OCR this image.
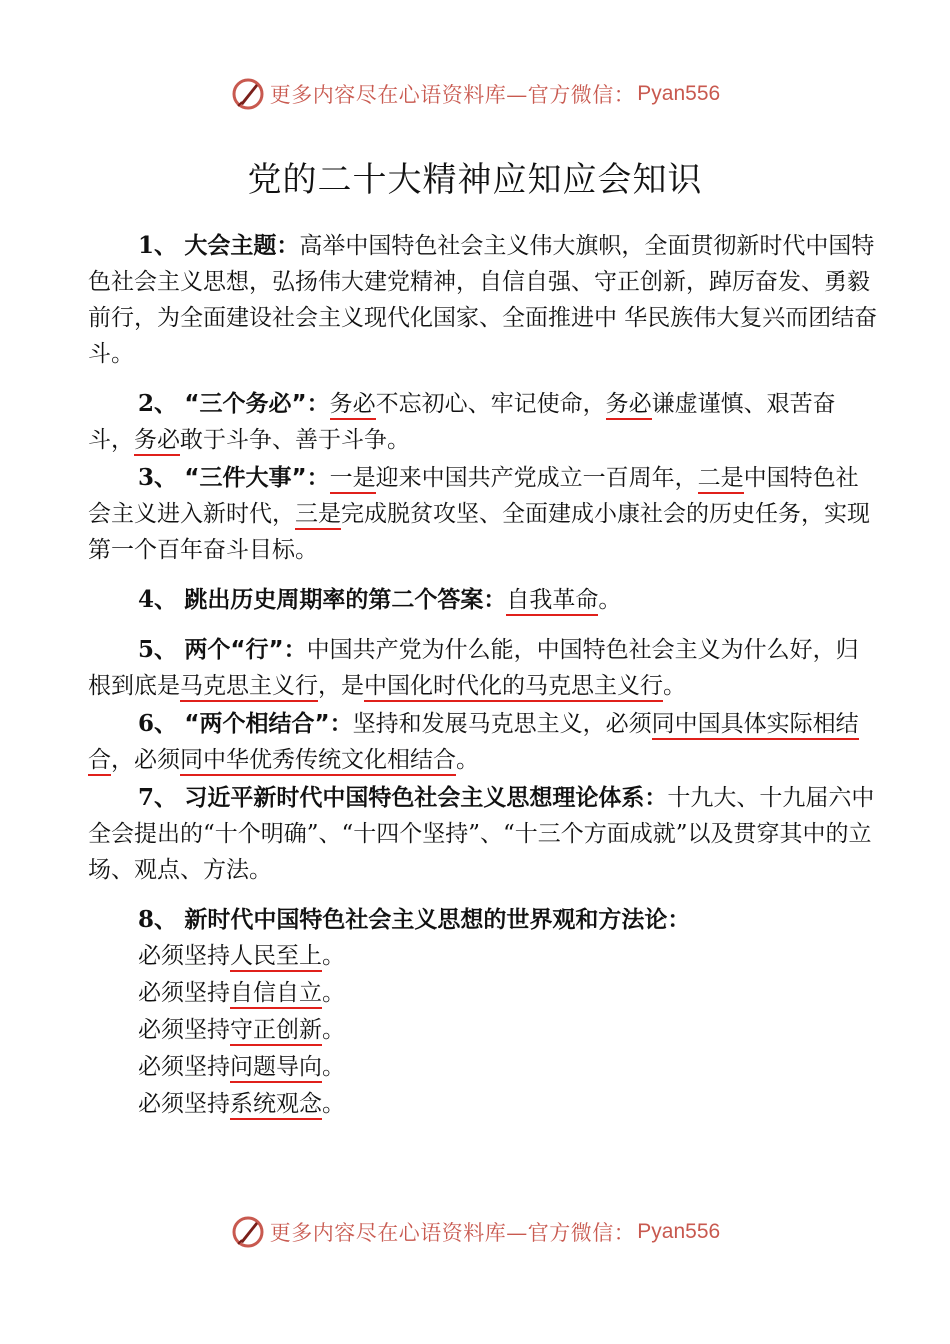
更多内容尽在心语资料库—官方微信： Pyan556
党的二十大精神应知应会知识

1、 大会主题：高举中国特色社会主义伟大旗帜，全面贯彻新时代中国特色社会主义思想，弘扬伟大建党精神，自信自强、守正创新，踔厉奋发、勇毅前行，为全面建设社会主义现代化国家、全面推进中 华民族伟大复兴而团结奋斗。

2、 “三个务必”：务必不忘初心、牢记使命，务必谦虚谨慎、艰苦奋斗，务必敢于斗争、善于斗争。

3、 “三件大事”：一是迎来中国共产党成立一百周年，二是中国特色社会主义进入新时代，三是完成脱贫攻坚、全面建成小康社会的历史任务，实现第一个百年奋斗目标。

4、 跳出历史周期率的第二个答案：自我革命。

5、 两个“行”：中国共产党为什么能，中国特色社会主义为什么好，归根到底是马克思主义行，是中国化时代化的马克思主义行。

6、 “两个相结合”：坚持和发展马克思主义，必须同中国具体实际相结合，必须同中华优秀传统文化相结合。

7、 习近平新时代中国特色社会主义思想理论体系：十九大、十九届六中全会提出的“十个明确”、“十四个坚持”、“十三个方面成就”以及贯穿其中的立场、观点、方法。

8、 新时代中国特色社会主义思想的世界观和方法论：

必须坚持人民至上。
必须坚持自信自立。
必须坚持守正创新。
必须坚持问题导向。
必须坚持系统观念。
更多内容尽在心语资料库—官方微信： Pyan556
